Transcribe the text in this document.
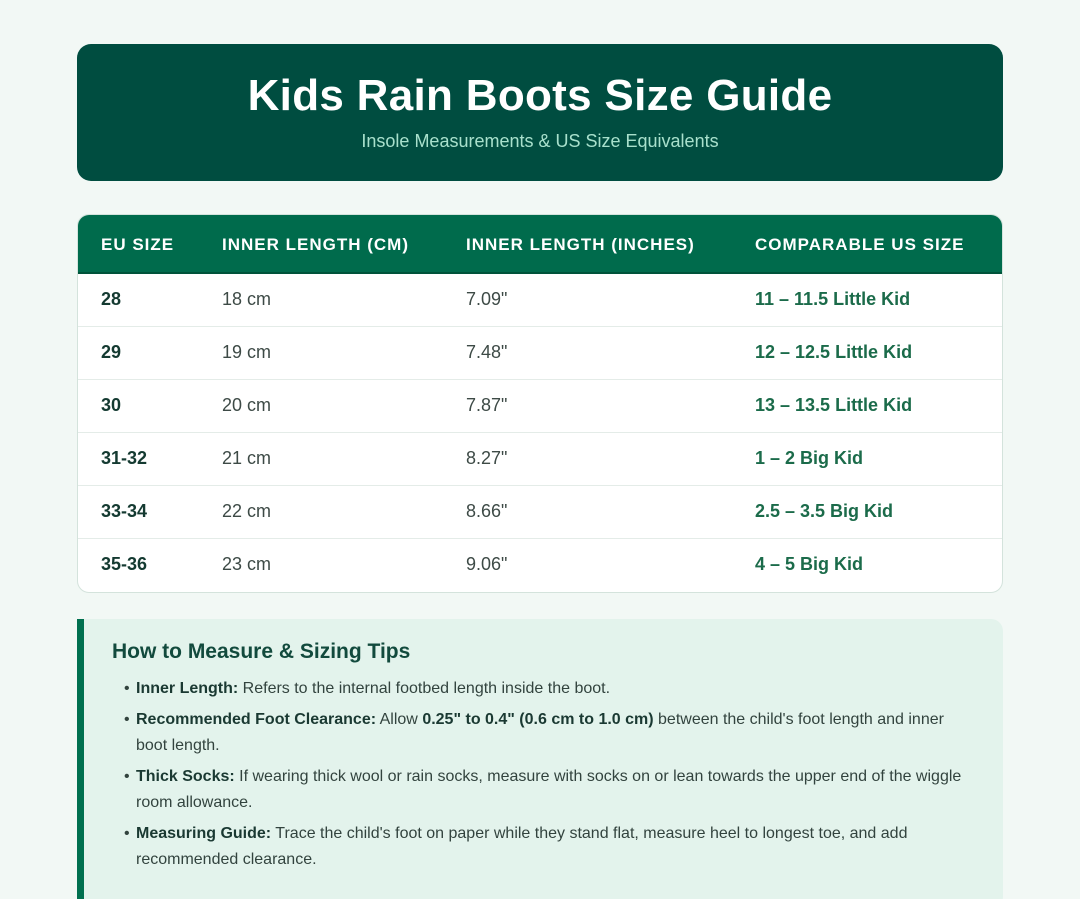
Kids Rain Boots Size Guide
Insole Measurements & US Size Equivalents
EU SIZE	INNER LENGTH (CM)	INNER LENGTH (INCHES)	COMPARABLE US SIZE
28	18 cm	7.09"	11 – 11.5 Little Kid
29	19 cm	7.48"	12 – 12.5 Little Kid
30	20 cm	7.87"	13 – 13.5 Little Kid
31-32	21 cm	8.27"	1 – 2 Big Kid
33-34	22 cm	8.66"	2.5 – 3.5 Big Kid
35-36	23 cm	9.06"	4 – 5 Big Kid
How to Measure & Sizing Tips
• Inner Length: Refers to the internal footbed length inside the boot.
• Recommended Foot Clearance: Allow 0.25" to 0.4" (0.6 cm to 1.0 cm) between the child's foot length and inner boot length.
• Thick Socks: If wearing thick wool or rain socks, measure with socks on or lean towards the upper end of the wiggle room allowance.
• Measuring Guide: Trace the child's foot on paper while they stand flat, measure heel to longest toe, and add recommended clearance.
